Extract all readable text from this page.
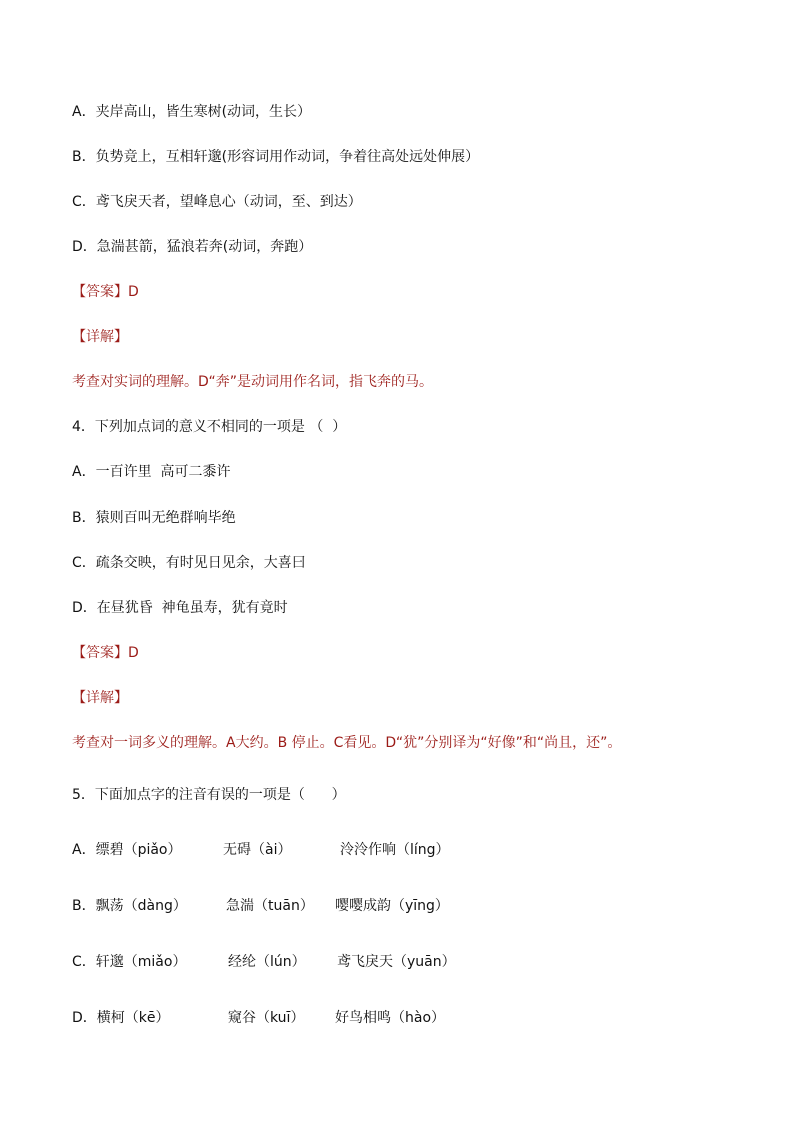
A．夹岸高山，皆生寒树(动词，生长）
B．负势竞上，互相轩邈(形容词用作动词，争着往高处远处伸展）
C．鸢飞戾天者，望峰息心（动词，至、到达）
D．急湍甚箭，猛浪若奔(动词，奔跑）
【答案】D
【详解】
考查对实词的理解。D“奔”是动词用作名词，指飞奔的马。
4．下列加点词的意义不相同的一项是 （  ）
A．一百许里  高可二黍许
B．猿则百叫无绝群响毕绝
C．疏条交映，有时见日见余，大喜曰
D．在昼犹昏  神龟虽寿，犹有竟时
【答案】D
【详解】
考查对一词多义的理解。A大约。B 停止。C看见。D“犹”分别译为“好像”和“尚且，还”。
5．下面加点字的注音有误的一项是（      ）
A．缥碧（piǎo）	无碍（ài）	泠泠作响（líng）
B．飘荡（dàng）	急湍（tuān） 嘤嘤成韵（yīng）
C．轩邈（miǎo）	经纶（lún） 鸢飞戾天（yuān）
D．横柯（kē）	窥谷（kuī） 好鸟相鸣（hào）
